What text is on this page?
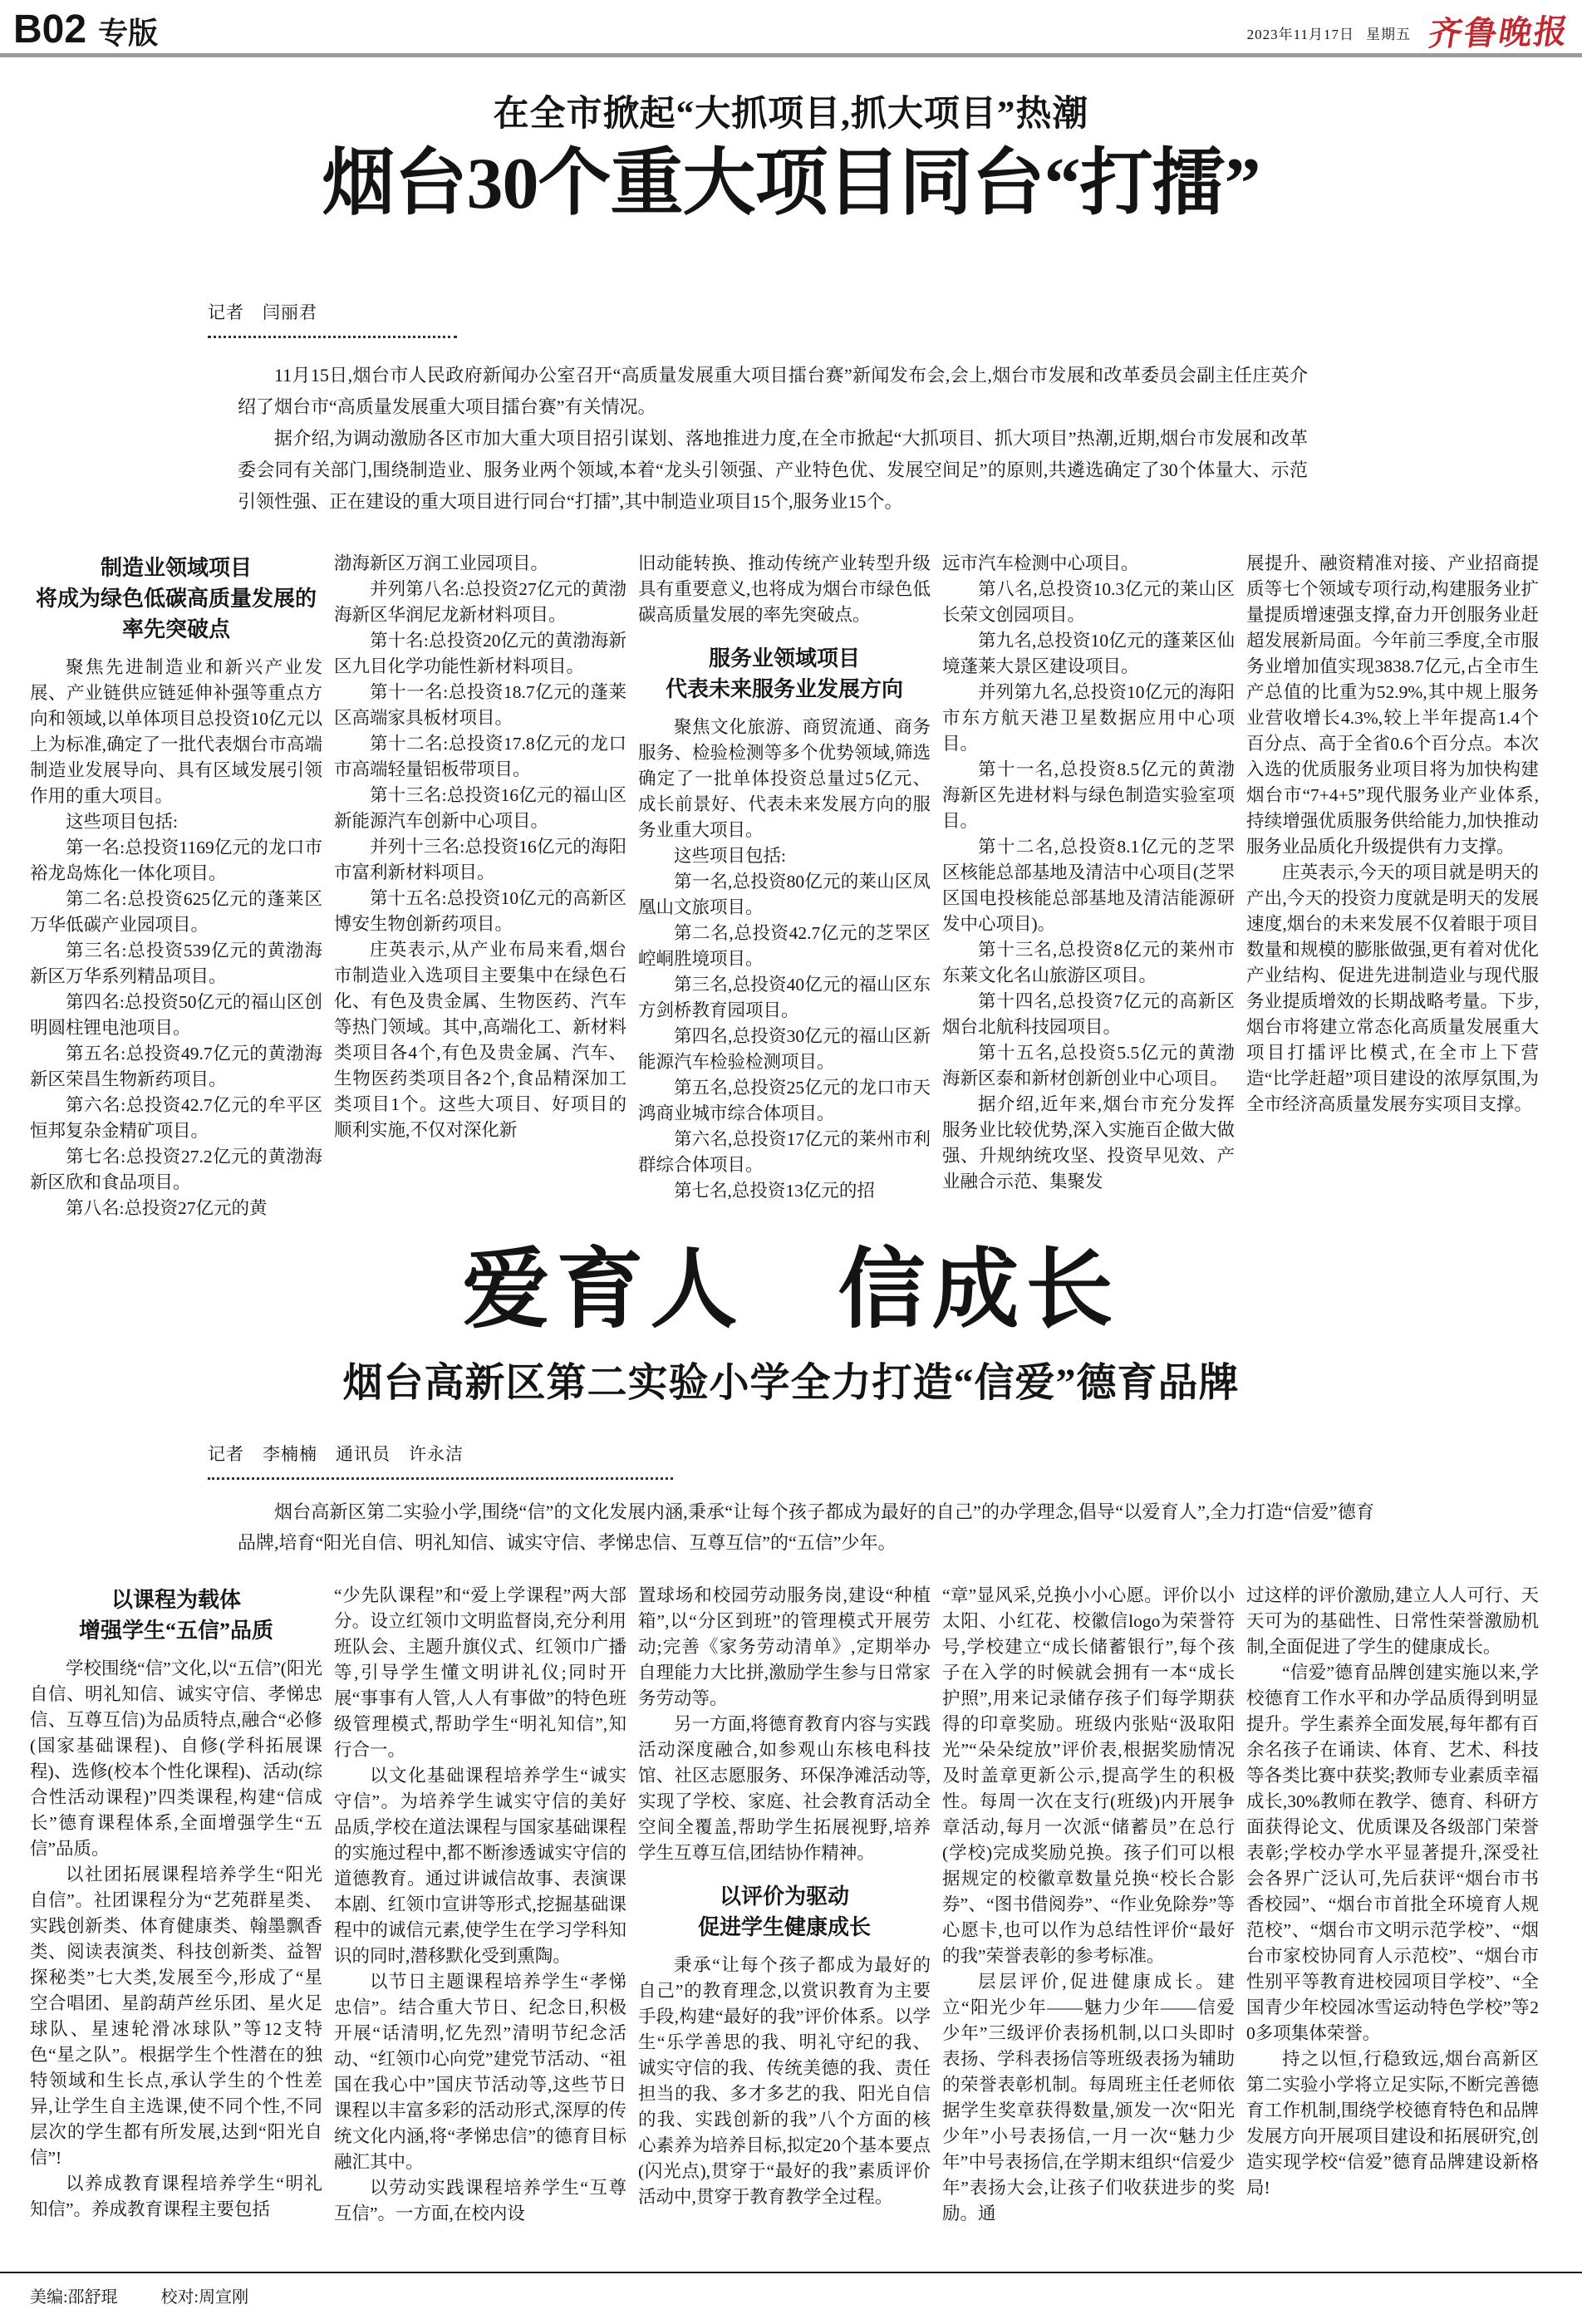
B02 专版	2023年11月17日 星期五 齐鲁晚报
在全市掀起“大抓项目,抓大项目”热潮
烟台30个重大项目同台“打擂”
记者　闫丽君

11月15日,烟台市人民政府新闻办公室召开“高质量发展重大项目擂台赛”新闻发布会,会上,烟台市发展和改革委员会副主任庄英介绍了烟台市“高质量发展重大项目擂台赛”有关情况。

据介绍,为调动激励各区市加大重大项目招引谋划、落地推进力度,在全市掀起“大抓项目、抓大项目”热潮,近期,烟台市发展和改革委会同有关部门,围绕制造业、服务业两个领域,本着“龙头引领强、产业特色优、发展空间足”的原则,共遴选确定了30个体量大、示范引领性强、正在建设的重大项目进行同台“打擂”,其中制造业项目15个,服务业15个。

制造业领域项目
将成为绿色低碳高质量发展的
率先突破点

聚焦先进制造业和新兴产业发展、产业链供应链延伸补强等重点方向和领域,以单体项目总投资10亿元以上为标准,确定了一批代表烟台市高端制造业发展导向、具有区域发展引领作用的重大项目。

这些项目包括:

第一名:总投资1169亿元的龙口市裕龙岛炼化一体化项目。

第二名:总投资625亿元的蓬莱区万华低碳产业园项目。

第三名:总投资539亿元的黄渤海新区万华系列精品项目。

第四名:总投资50亿元的福山区创明圆柱锂电池项目。

第五名:总投资49.7亿元的黄渤海新区荣昌生物新药项目。

第六名:总投资42.7亿元的牟平区恒邦复杂金精矿项目。

第七名:总投资27.2亿元的黄渤海新区欣和食品项目。

第八名:总投资27亿元的黄

渤海新区万润工业园项目。

并列第八名:总投资27亿元的黄渤海新区华润尼龙新材料项目。

第十名:总投资20亿元的黄渤海新区九目化学功能性新材料项目。

第十一名:总投资18.7亿元的蓬莱区高端家具板材项目。

第十二名:总投资17.8亿元的龙口市高端轻量铝板带项目。

第十三名:总投资16亿元的福山区新能源汽车创新中心项目。

并列十三名:总投资16亿元的海阳市富利新材料项目。

第十五名:总投资10亿元的高新区博安生物创新药项目。

庄英表示,从产业布局来看,烟台市制造业入选项目主要集中在绿色石化、有色及贵金属、生物医药、汽车等热门领域。其中,高端化工、新材料类项目各4个,有色及贵金属、汽车、生物医药类项目各2个,食品精深加工类项目1个。这些大项目、好项目的顺利实施,不仅对深化新

旧动能转换、推动传统产业转型升级具有重要意义,也将成为烟台市绿色低碳高质量发展的率先突破点。

服务业领域项目
代表未来服务业发展方向

聚焦文化旅游、商贸流通、商务服务、检验检测等多个优势领域,筛选确定了一批单体投资总量过5亿元、成长前景好、代表未来发展方向的服务业重大项目。

这些项目包括:

第一名,总投资80亿元的莱山区凤凰山文旅项目。

第二名,总投资42.7亿元的芝罘区崆峒胜境项目。

第三名,总投资40亿元的福山区东方剑桥教育园项目。

第四名,总投资30亿元的福山区新能源汽车检验检测项目。

第五名,总投资25亿元的龙口市天鸿商业城市综合体项目。

第六名,总投资17亿元的莱州市利群综合体项目。

第七名,总投资13亿元的招

远市汽车检测中心项目。

第八名,总投资10.3亿元的莱山区长荣文创园项目。

第九名,总投资10亿元的蓬莱区仙境蓬莱大景区建设项目。

并列第九名,总投资10亿元的海阳市东方航天港卫星数据应用中心项目。

第十一名,总投资8.5亿元的黄渤海新区先进材料与绿色制造实验室项目。

第十二名,总投资8.1亿元的芝罘区核能总部基地及清洁中心项目(芝罘区国电投核能总部基地及清洁能源研发中心项目)。

第十三名,总投资8亿元的莱州市东莱文化名山旅游区项目。

第十四名,总投资7亿元的高新区烟台北航科技园项目。

第十五名,总投资5.5亿元的黄渤海新区泰和新材创新创业中心项目。

据介绍,近年来,烟台市充分发挥服务业比较优势,深入实施百企做大做强、升规纳统攻坚、投资早见效、产业融合示范、集聚发

展提升、融资精准对接、产业招商提质等七个领域专项行动,构建服务业扩量提质增速强支撑,奋力开创服务业赶超发展新局面。今年前三季度,全市服务业增加值实现3838.7亿元,占全市生产总值的比重为52.9%,其中规上服务业营收增长4.3%,较上半年提高1.4个百分点、高于全省0.6个百分点。本次入选的优质服务业项目将为加快构建烟台市“7+4+5”现代服务业产业体系,持续增强优质服务供给能力,加快推动服务业品质化升级提供有力支撑。

庄英表示,今天的项目就是明天的产出,今天的投资力度就是明天的发展速度,烟台的未来发展不仅着眼于项目数量和规模的膨胀做强,更有着对优化产业结构、促进先进制造业与现代服务业提质增效的长期战略考量。下步,烟台市将建立常态化高质量发展重大项目打擂评比模式,在全市上下营造“比学赶超”项目建设的浓厚氛围,为全市经济高质量发展夯实项目支撑。

爱育人　信成长
烟台高新区第二实验小学全力打造“信爱”德育品牌
记者　李楠楠　通讯员　许永洁

烟台高新区第二实验小学,围绕“信”的文化发展内涵,秉承“让每个孩子都成为最好的自己”的办学理念,倡导“以爱育人”,全力打造“信爱”德育品牌,培育“阳光自信、明礼知信、诚实守信、孝悌忠信、互尊互信”的“五信”少年。

以课程为载体
增强学生“五信”品质

学校围绕“信”文化,以“五信”(阳光自信、明礼知信、诚实守信、孝悌忠信、互尊互信)为品质特点,融合“必修(国家基础课程)、自修(学科拓展课程)、选修(校本个性化课程)、活动(综合性活动课程)”四类课程,构建“信成长”德育课程体系,全面增强学生“五信”品质。

以社团拓展课程培养学生“阳光自信”。社团课程分为“艺苑群星类、实践创新类、体育健康类、翰墨飘香类、阅读表演类、科技创新类、益智探秘类”七大类,发展至今,形成了“星空合唱团、星韵葫芦丝乐团、星火足球队、星速轮滑冰球队”等12支特色“星之队”。根据学生个性潜在的独特领域和生长点,承认学生的个性差异,让学生自主选课,使不同个性,不同层次的学生都有所发展,达到“阳光自信”!

以养成教育课程培养学生“明礼知信”。养成教育课程主要包括

“少先队课程”和“爱上学课程”两大部分。设立红领巾文明监督岗,充分利用班队会、主题升旗仪式、红领巾广播等,引导学生懂文明讲礼仪;同时开展“事事有人管,人人有事做”的特色班级管理模式,帮助学生“明礼知信”,知行合一。

以文化基础课程培养学生“诚实守信”。为培养学生诚实守信的美好品质,学校在道法课程与国家基础课程的实施过程中,都不断渗透诚实守信的道德教育。通过讲诚信故事、表演课本剧、红领巾宣讲等形式,挖掘基础课程中的诚信元素,使学生在学习学科知识的同时,潜移默化受到熏陶。

以节日主题课程培养学生“孝悌忠信”。结合重大节日、纪念日,积极开展“话清明,忆先烈”清明节纪念活动、“红领巾心向党”建党节活动、“祖国在我心中”国庆节活动等,这些节日课程以丰富多彩的活动形式,深厚的传统文化内涵,将“孝悌忠信”的德育目标融汇其中。

以劳动实践课程培养学生“互尊互信”。一方面,在校内设

置球场和校园劳动服务岗,建设“种植箱”,以“分区到班”的管理模式开展劳动;完善《家务劳动清单》,定期举办自理能力大比拼,激励学生参与日常家务劳动等。

另一方面,将德育教育内容与实践活动深度融合,如参观山东核电科技馆、社区志愿服务、环保净滩活动等,实现了学校、家庭、社会教育活动全空间全覆盖,帮助学生拓展视野,培养学生互尊互信,团结协作精神。

以评价为驱动
促进学生健康成长

秉承“让每个孩子都成为最好的自己”的教育理念,以赏识教育为主要手段,构建“最好的我”评价体系。以学生“乐学善思的我、明礼守纪的我、诚实守信的我、传统美德的我、责任担当的我、多才多艺的我、阳光自信的我、实践创新的我”八个方面的核心素养为培养目标,拟定20个基本要点(闪光点),贯穿于“最好的我”素质评价活动中,贯穿于教育教学全过程。

“章”显风采,兑换小小心愿。评价以小太阳、小红花、校徽信logo为荣誉符号,学校建立“成长储蓄银行”,每个孩子在入学的时候就会拥有一本“成长护照”,用来记录储存孩子们每学期获得的印章奖励。班级内张贴“汲取阳光”“朵朵绽放”评价表,根据奖励情况及时盖章更新公示,提高学生的积极性。每周一次在支行(班级)内开展争章活动,每月一次派“储蓄员”在总行(学校)完成奖励兑换。孩子们可以根据规定的校徽章数量兑换“校长合影券”、“图书借阅券”、“作业免除券”等心愿卡,也可以作为总结性评价“最好的我”荣誉表彰的参考标准。

层层评价,促进健康成长。建立“阳光少年——魅力少年——信爱少年”三级评价表扬机制,以口头即时表扬、学科表扬信等班级表扬为辅助的荣誉表彰机制。每周班主任老师依据学生奖章获得数量,颁发一次“阳光少年”小号表扬信,一月一次“魅力少年”中号表扬信,在学期末组织“信爱少年”表扬大会,让孩子们收获进步的奖励。通

过这样的评价激励,建立人人可行、天天可为的基础性、日常性荣誉激励机制,全面促进了学生的健康成长。

“信爱”德育品牌创建实施以来,学校德育工作水平和办学品质得到明显提升。学生素养全面发展,每年都有百余名孩子在诵读、体育、艺术、科技等各类比赛中获奖;教师专业素质幸福成长,30%教师在教学、德育、科研方面获得论文、优质课及各级部门荣誉表彰;学校办学水平显著提升,深受社会各界广泛认可,先后获评“烟台市书香校园”、“烟台市首批全环境育人规范校”、“烟台市文明示范学校”、“烟台市家校协同育人示范校”、“烟台市性别平等教育进校园项目学校”、“全国青少年校园冰雪运动特色学校”等20多项集体荣誉。

持之以恒,行稳致远,烟台高新区第二实验小学将立足实际,不断完善德育工作机制,围绕学校德育特色和品牌发展方向开展项目建设和拓展研究,创造实现学校“信爱”德育品牌建设新格局!

美编:邵舒琨	校对:周宣刚
